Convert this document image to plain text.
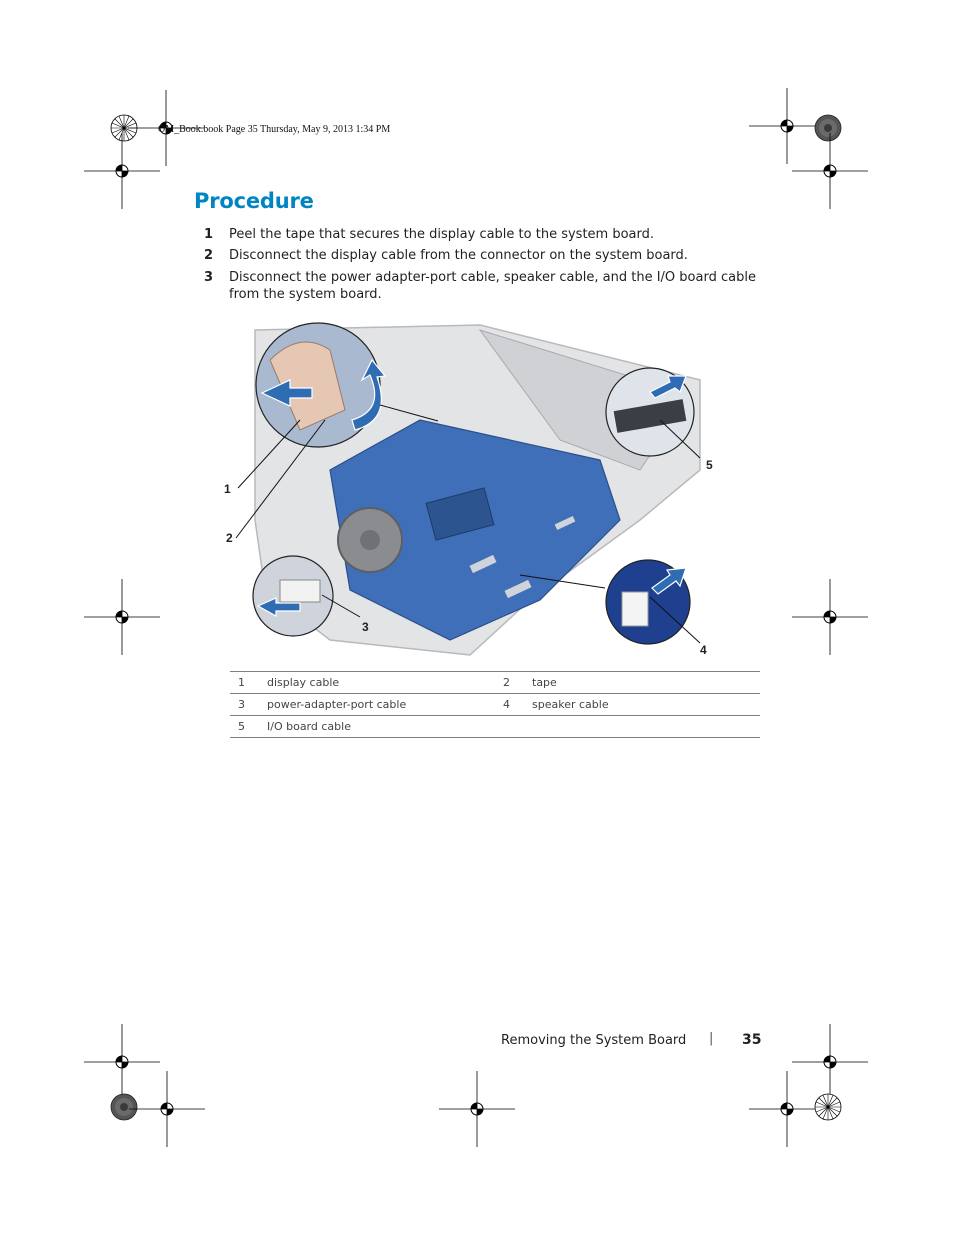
OM_Book.book Page 35 Thursday, May 9, 2013 1:34 PM
Procedure
1 Peel the tape that secures the display cable to the system board.
2 Disconnect the display cable from the connector on the system board.
3 Disconnect the power adapter-port cable, speaker cable, and the I/O board cable from the system board.
1
2
3
4
5
1	display cable	2	tape
3	power-adapter-port cable	4	speaker cable
5	I/O board cable		
Removing the System Board | 35
